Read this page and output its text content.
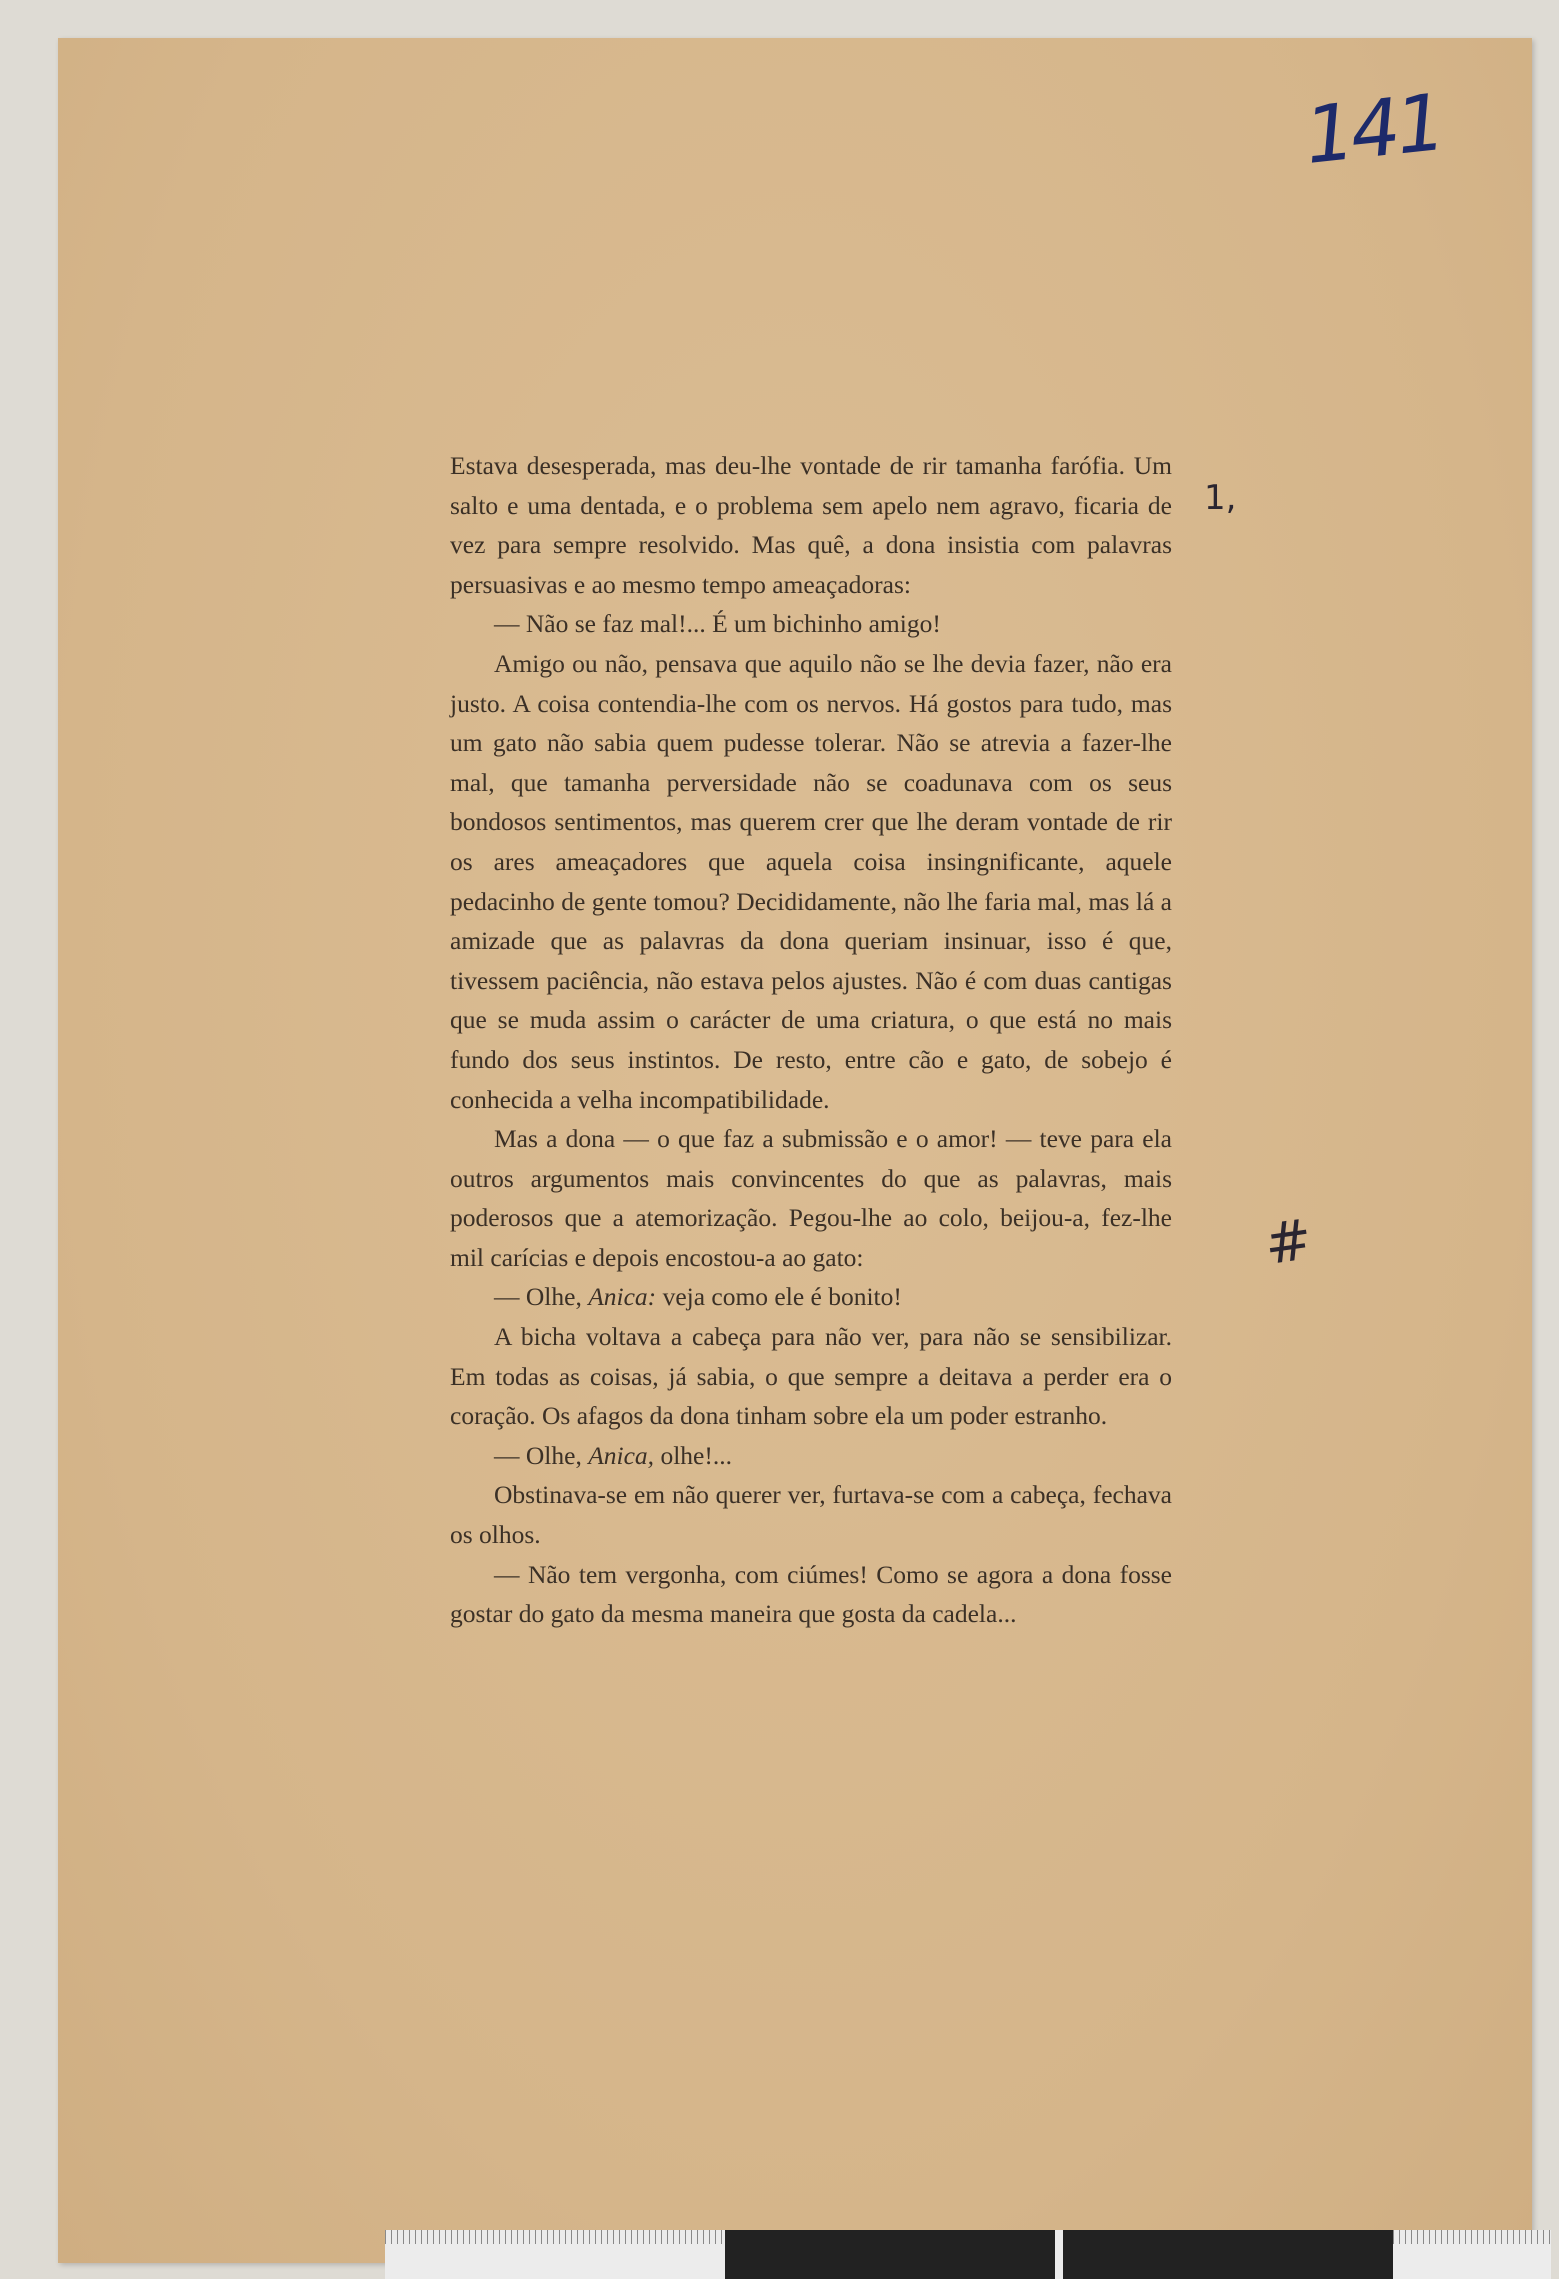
141
1,
#

Estava desesperada, mas deu-lhe vontade de rir tamanha farófia. Um salto e uma dentada, e o problema sem apelo nem agravo, ficaria de vez para sempre resolvido. Mas quê, a dona insistia com palavras persuasivas e ao mesmo tempo ameaçadoras:

— Não se faz mal!... É um bichinho amigo!

Amigo ou não, pensava que aquilo não se lhe devia fazer, não era justo. A coisa contendia-lhe com os nervos. Há gostos para tudo, mas um gato não sabia quem pudesse tolerar. Não se atrevia a fazer-lhe mal, que tamanha perversidade não se coadunava com os seus bondosos sentimentos, mas querem crer que lhe deram vontade de rir os ares ameaçadores que aquela coisa insingnificante, aquele pedacinho de gente tomou? Decididamente, não lhe faria mal, mas lá a amizade que as palavras da dona queriam insinuar, isso é que, tivessem paciência, não estava pelos ajustes. Não é com duas cantigas que se muda assim o carácter de uma criatura, o que está no mais fundo dos seus instintos. De resto, entre cão e gato, de sobejo é conhecida a velha incompatibilidade.

Mas a dona — o que faz a submissão e o amor! — teve para ela outros argumentos mais convincentes do que as palavras, mais poderosos que a atemorização. Pegou-lhe ao colo, beijou-a, fez-lhe mil carícias e depois encostou-a ao gato:

— Olhe, Anica: veja como ele é bonito!

A bicha voltava a cabeça para não ver, para não se sensibilizar. Em todas as coisas, já sabia, o que sempre a deitava a perder era o coração. Os afagos da dona tinham sobre ela um poder estranho.

— Olhe, Anica, olhe!...

Obstinava-se em não querer ver, furtava-se com a cabeça, fechava os olhos.

— Não tem vergonha, com ciúmes! Como se agora a dona fosse gostar do gato da mesma maneira que gosta da cadela...
